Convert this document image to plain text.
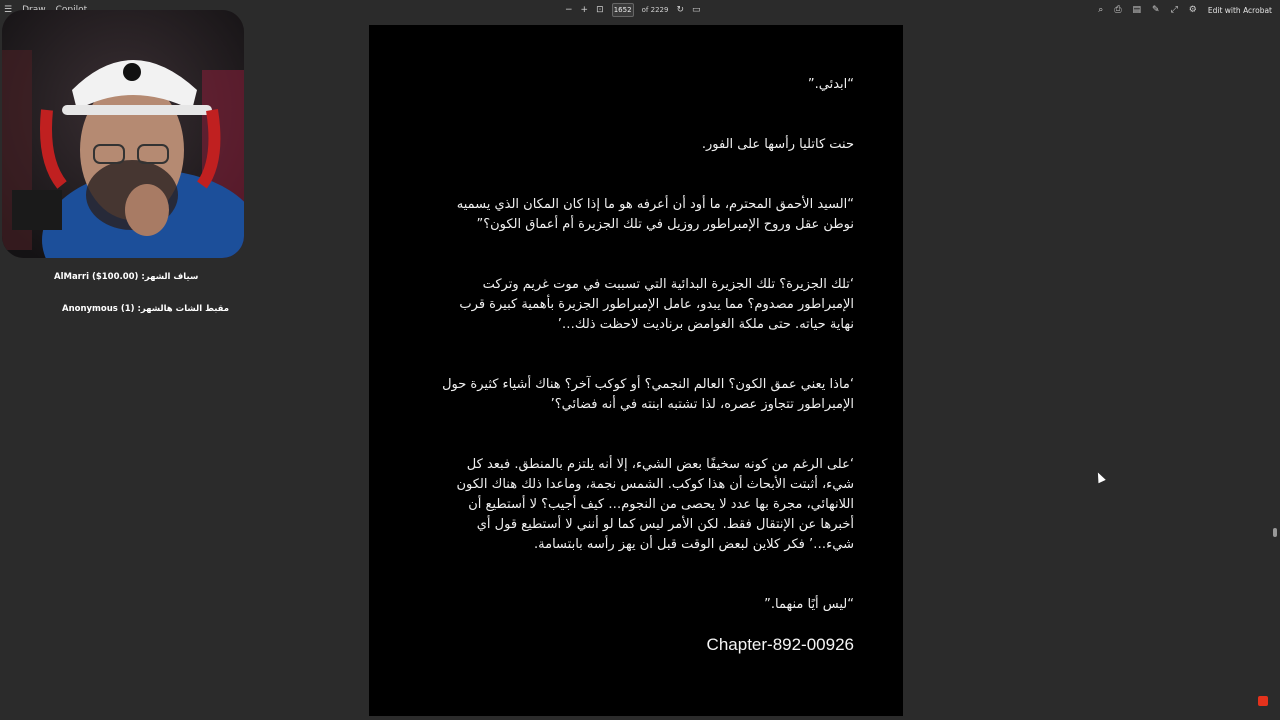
☰	− + ⊡ 1652 of 2229 ↻ ▭	⌕ ⎙ ▤ ✎ ⤢ ⚙ Edit with Acrobat
AlMarri ($100.00) :سياف الشهر
Anonymous (1) :مقبط الشات هالشهر
“ابدئي.”
حنت كاتليا رأسها على الفور.
“السيد الأحمق المحترم، ما أود أن أعرفه هو ما إذا كان المكان الذي يسميه
نوطن عقل وروح الإمبراطور روزيل في تلك الجزيرة أم أعماق الكون؟”
‘تلك الجزيرة؟ تلك الجزيرة البدائية التي تسببت في موت غريم وتركت
الإمبراطور مصدوم؟ مما يبدو، عامل الإمبراطور الجزيرة بأهمية كبيرة قرب
نهاية حياته. حتى ملكة الغوامض برناديت لاحظت ذلك…’
‘ماذا يعني عمق الكون؟ العالم النجمي؟ أو كوكب آخر؟ هناك أشياء كثيرة حول
الإمبراطور تتجاوز عصره، لذا تشتبه ابنته في أنه فضائي؟’
‘على الرغم من كونه سخيفًا بعض الشيء، إلا أنه يلتزم بالمنطق. فبعد كل
شيء، أثبتت الأبحاث أن هذا كوكب. الشمس نجمة، وماعدا ذلك هناك الكون
اللانهائي، مجرة بها عدد لا يحصى من النجوم… كيف أجيب؟ لا أستطيع أن
أخبرها عن الإنتقال فقط. لكن الأمر ليس كما لو أنني لا أستطيع قول أي
شيء…’ فكر كلاين لبعض الوقت قبل أن يهز رأسه بابتسامة.
“ليس أيًا منهما.”
Chapter-892-00926
